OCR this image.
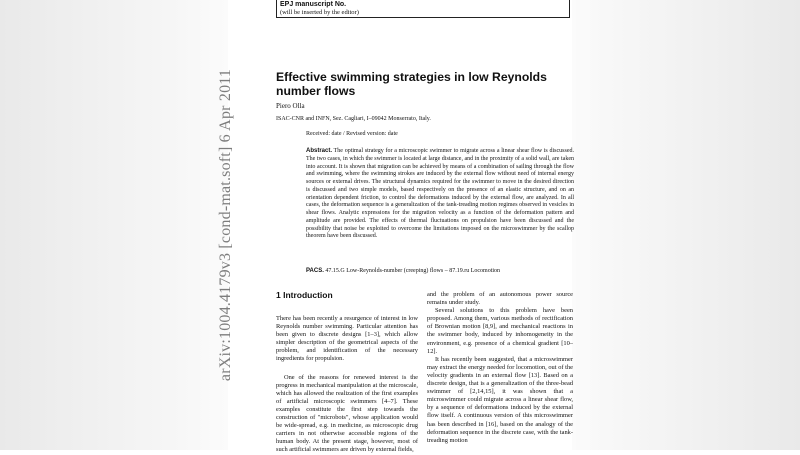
arXiv:1004.4179v3 [cond-mat.soft] 6 Apr 2011
EPJ manuscript No.
(will be inserted by the editor)
Effective swimming strategies in low Reynolds number flows
Piero Olla
ISAC-CNR and INFN, Sez. Cagliari, I–09042 Monserrato, Italy.
Received: date / Revised version: date
Abstract. The optimal strategy for a microscopic swimmer to migrate across a linear shear flow is discussed. The two cases, in which the swimmer is located at large distance, and in the proximity of a solid wall, are taken into account. It is shown that migration can be achieved by means of a combination of sailing through the flow and swimming, where the swimming strokes are induced by the external flow without need of internal energy sources or external drives. The structural dynamics required for the swimmer to move in the desired direction is discussed and two simple models, based respectively on the presence of an elastic structure, and on an orientation dependent friction, to control the deformations induced by the external flow, are analyzed. In all cases, the deformation sequence is a generalization of the tank-treading motion regimes observed in vesicles in shear flows. Analytic expressions for the migration velocity as a function of the deformation pattern and amplitude are provided. The effects of thermal fluctuations on propulsion have been discussed and the possibility that noise be exploited to overcome the limitations imposed on the microswimmer by the scallop theorem have been discussed.
PACS. 47.15.G Low-Reynolds-number (creeping) flows – 87.19.ru Locomotion
1 Introduction

There has been recently a resurgence of interest in low Reynolds number swimming. Particular attention has been given to discrete designs [1–3], which allow simpler description of the geometrical aspects of the problem, and identification of the necessary ingredients for propulsion.

One of the reasons for renewed interest is the progress in mechanical manipulation at the microscale, which has allowed the realization of the first examples of artificial microscopic swimmers [4–7]. These examples constitute the first step towards the construction of "microbots", whose application would be wide-spread, e.g. in medicine, as microscopic drug carriers in not otherwise accessible regions of the human body. At the present stage, however, most of such artificial swimmers are driven by external fields,

and the problem of an autonomous power source remains under study.

Several solutions to this problem have been proposed. Among them, various methods of rectification of Brownian motion [8,9], and mechanical reactions in the swimmer body, induced by inhomogeneity in the environment, e.g. presence of a chemical gradient [10–12].

It has recently been suggested, that a microswimmer may extract the energy needed for locomotion, out of the velocity gradients in an external flow [13]. Based on a discrete design, that is a generalization of the three-bead swimmer of [2,14,15], it was shown that a microswimmer could migrate across a linear shear flow, by a sequence of deformations induced by the external flow itself. A continuous version of this microswimmer has been described in [16], based on the analogy of the deformation sequence in the discrete case, with the tank-treading motion
